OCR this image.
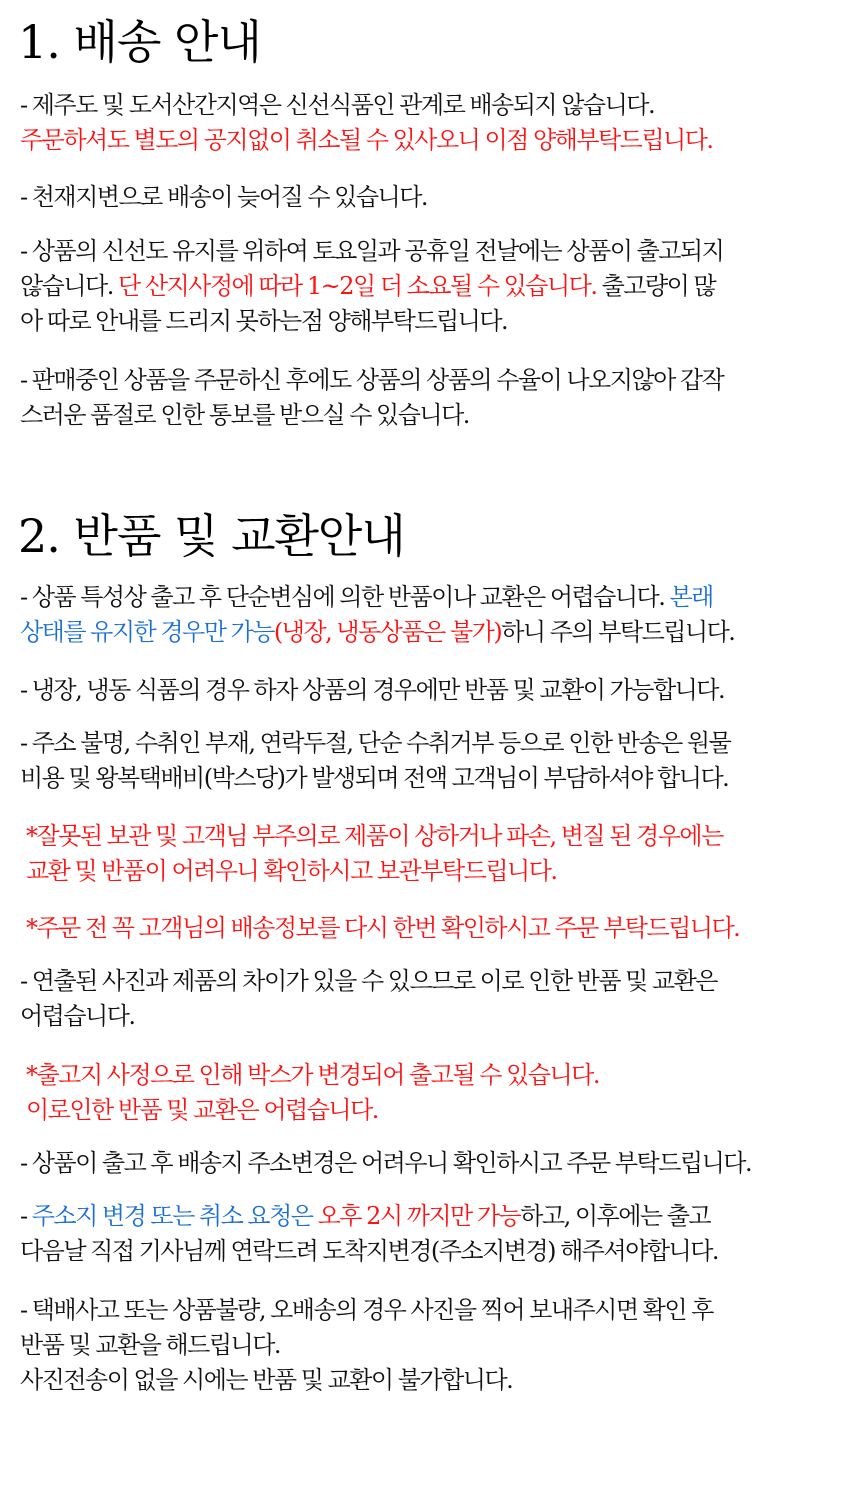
1. 배송 안내
- 제주도 및 도서산간지역은 신선식품인 관계로 배송되지 않습니다.
주문하셔도 별도의 공지없이 취소될 수 있사오니 이점 양해부탁드립니다.
- 천재지변으로 배송이 늦어질 수 있습니다.
- 상품의 신선도 유지를 위하여 토요일과 공휴일 전날에는 상품이 출고되지
않습니다. 단 산지사정에 따라 1~2일 더 소요될 수 있습니다. 출고량이 많
아 따로 안내를 드리지 못하는점 양해부탁드립니다.
- 판매중인 상품을 주문하신 후에도 상품의 상품의 수율이 나오지않아 갑작
스러운 품절로 인한 통보를 받으실 수 있습니다.
2. 반품 및 교환안내
- 상품 특성상 출고 후 단순변심에 의한 반품이나 교환은 어렵습니다. 본래
상태를 유지한 경우만 가능(냉장, 냉동상품은 불가)하니 주의 부탁드립니다.
- 냉장, 냉동 식품의 경우 하자 상품의 경우에만 반품 및 교환이 가능합니다.
- 주소 불명, 수취인 부재, 연락두절, 단순 수취거부 등으로 인한 반송은 원물
비용 및 왕복택배비(박스당)가 발생되며 전액 고객님이 부담하셔야 합니다.
*잘못된 보관 및 고객님 부주의로 제품이 상하거나 파손, 변질 된 경우에는
교환 및 반품이 어려우니 확인하시고 보관부탁드립니다.
*주문 전 꼭 고객님의 배송정보를 다시 한번 확인하시고 주문 부탁드립니다.
- 연출된 사진과 제품의 차이가 있을 수 있으므로 이로 인한 반품 및 교환은
어렵습니다.
*출고지 사정으로 인해 박스가 변경되어 출고될 수 있습니다.
이로인한 반품 및 교환은 어렵습니다.
- 상품이 출고 후 배송지 주소변경은 어려우니 확인하시고 주문 부탁드립니다.
- 주소지 변경 또는 취소 요청은 오후 2시 까지만 가능하고, 이후에는 출고
다음날 직접 기사님께 연락드려 도착지변경(주소지변경) 해주셔야합니다.
- 택배사고 또는 상품불량, 오배송의 경우 사진을 찍어 보내주시면 확인 후
반품 및 교환을 해드립니다.
사진전송이 없을 시에는 반품 및 교환이 불가합니다.
